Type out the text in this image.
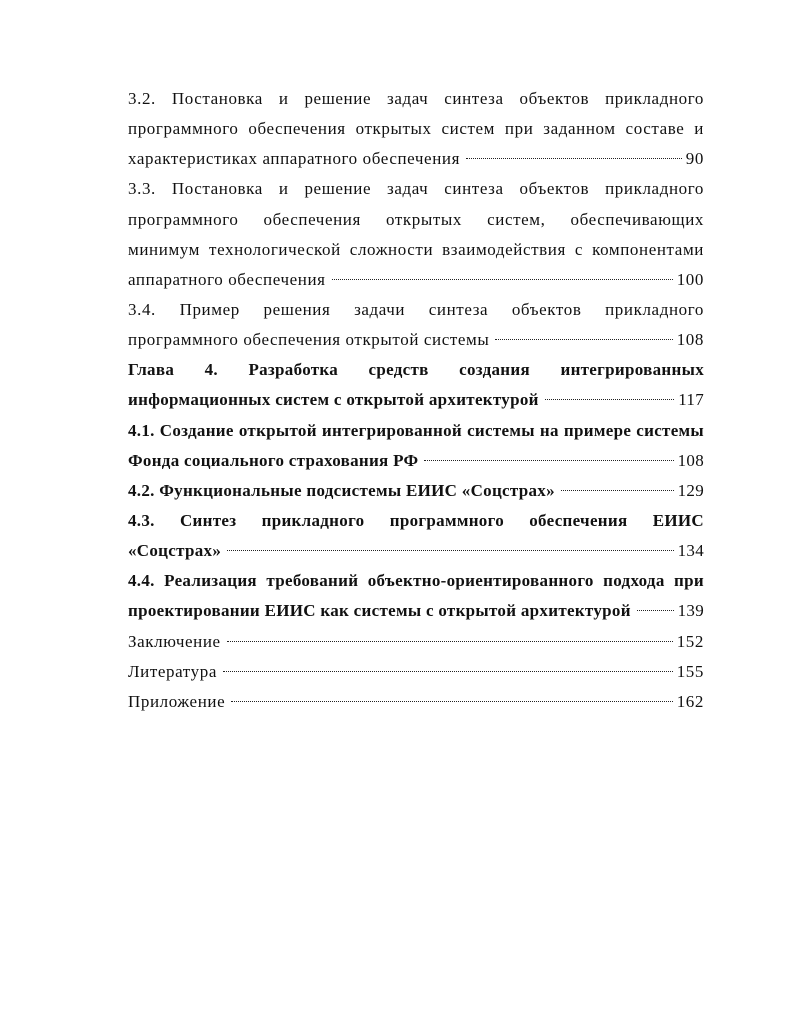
3.2. Постановка и решение задач синтеза объектов прикладного
программного обеспечения открытых систем при заданном составе и
характеристиках аппаратного обеспечения	90
3.3. Постановка и решение задач синтеза объектов прикладного
программного обеспечения открытых систем, обеспечивающих
минимум технологической сложности взаимодействия с компонентами
аппаратного обеспечения	100
3.4. Пример решения задачи синтеза объектов прикладного
программного обеспечения открытой системы	108
Глава 4. Разработка средств создания интегрированных
информационных систем с открытой архитектурой	117
4.1. Создание открытой интегрированной системы на примере системы
Фонда социального страхования РФ	108
4.2. Функциональные подсистемы ЕИИС «Соцстрах»	129
4.3. Синтез прикладного программного обеспечения ЕИИС
«Соцстрах»	134
4.4. Реализация требований объектно-ориентированного подхода при
проектировании ЕИИС как системы с открытой архитектурой	139
Заключение	152
Литература	155
Приложение	162
